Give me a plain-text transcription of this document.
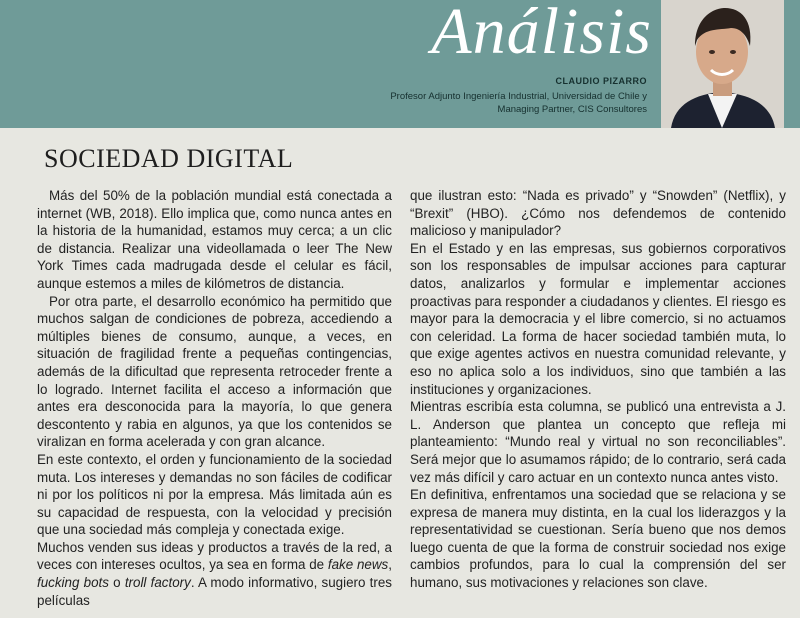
Análisis
CLAUDIO PIZARRO
Profesor Adjunto Ingeniería Industrial, Universidad de Chile y
Managing Partner, CIS Consultores
SOCIEDAD DIGITAL

Más del 50% de la población mundial está conectada a internet (WB, 2018). Ello implica que, como nunca antes en la historia de la humanidad, estamos muy cerca; a un clic de distancia. Realizar una videollamada o leer The New York Times cada madrugada desde el celular es fácil, aunque estemos a miles de kilómetros de distancia.

Por otra parte, el desarrollo económico ha permitido que muchos salgan de condiciones de pobreza, accediendo a múltiples bienes de consumo, aunque, a veces, en situación de fragilidad frente a pequeñas contingencias, además de la dificultad que representa retroceder frente a lo logrado. Internet facilita el acceso a información que antes era desconocida para la mayoría, lo que genera descontento y rabia en algunos, ya que los contenidos se viralizan en forma acelerada y con gran alcance.

En este contexto, el orden y funcionamiento de la sociedad muta. Los intereses y demandas no son fáciles de codificar ni por los políticos ni por la empresa. Más limitada aún es su capacidad de respuesta, con la velocidad y precisión que una sociedad más compleja y conectada exige.

Muchos venden sus ideas y productos a través de la red, a veces con intereses ocultos, ya sea en forma de fake news, fucking bots o troll factory. A modo informativo, sugiero tres películas

que ilustran esto: “Nada es privado” y “Snowden” (Netflix), y “Brexit” (HBO). ¿Cómo nos defendemos de contenido malicioso y manipulador?

En el Estado y en las empresas, sus gobiernos corporativos son los responsables de impulsar acciones para capturar datos, analizarlos y formular e implementar acciones proactivas para responder a ciudadanos y clientes. El riesgo es mayor para la democracia y el libre comercio, si no actuamos con celeridad. La forma de hacer sociedad también muta, lo que exige agentes activos en nuestra comunidad relevante, y eso no aplica solo a los individuos, sino que también a las instituciones y organizaciones.

Mientras escribía esta columna, se publicó una entrevista a J. L. Anderson que plantea un concepto que refleja mi planteamiento: “Mundo real y virtual no son reconciliables”. Será mejor que lo asumamos rápido; de lo contrario, será cada vez más difícil y caro actuar en un contexto nunca antes visto.

En definitiva, enfrentamos una sociedad que se relaciona y se expresa de manera muy distinta, en la cual los liderazgos y la representatividad se cuestionan. Sería bueno que nos demos luego cuenta de que la forma de construir sociedad nos exige cambios profundos, para lo cual la comprensión del ser humano, sus motivaciones y relaciones son clave.
